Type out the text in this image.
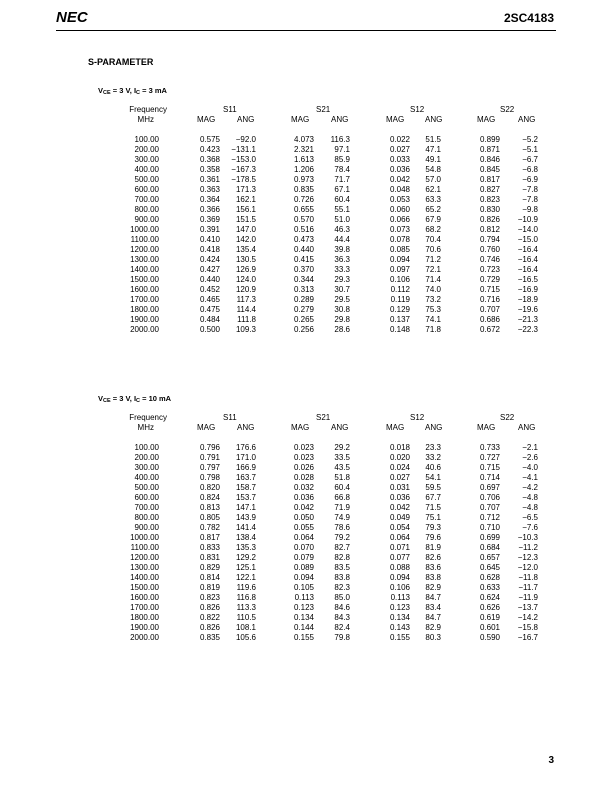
NEC	2SC4183
S-PARAMETER
$V_{CE} = 3$ V, $I_C = 3$ mA
Frequency	S11	S21	S12	S22
MHz	MAG	ANG	MAG	ANG	MAG	ANG	MAG	ANG
100.00	0.575 −92.0	4.073 116.3	0.022 51.5	0.899	−5.2
200.00	0.423 −131.1	2.321	97.1	0.027 47.1	0.871	−5.1
300.00	0.368 −153.0	1.613	85.9	0.033 49.1	0.846	−6.7
400.00	0.358 −167.3	1.206	78.4	0.036 54.8	0.845	−6.8
500.00	0.361 −178.5	0.973	71.7	0.042 57.0	0.817	−6.9
600.00	0.363 171.3	0.835	67.1	0.048 62.1	0.827	−7.8
700.00	0.364 162.1	0.726	60.4	0.053 63.3	0.823	−7.8
800.00	0.366 156.1	0.655	55.1	0.060 65.2	0.830	−9.8
900.00	0.369 151.5	0.570	51.0	0.066 67.9	0.826 −10.9
1000.00	0.391 147.0	0.516	46.3	0.073 68.2	0.812 −14.0
1100.00	0.410 142.0	0.473	44.4	0.078 70.4	0.794 −15.0
1200.00	0.418 135.4	0.440	39.8	0.085 70.6	0.760 −16.4
1300.00	0.424 130.5	0.415	36.3	0.094 71.2	0.746 −16.4
1400.00	0.427 126.9	0.370	33.3	0.097 72.1	0.723 −16.4
1500.00	0.440 124.0	0.344	29.3	0.106 71.4	0.729 −16.5
1600.00	0.452 120.9	0.313	30.7	0.112 74.0	0.715 −16.9
1700.00	0.465 117.3	0.289	29.5	0.119 73.2	0.716 −18.9
1800.00	0.475 114.4	0.279	30.8	0.129 75.3	0.707 −19.6
1900.00	0.484 111.8	0.265	29.8	0.137 74.1	0.686 −21.3
2000.00	0.500 109.3	0.256	28.6	0.148 71.8	0.672 −22.3
$V_{CE} = 3$ V, $I_C = 10$ mA
Frequency	S11	S21	S12	S22
MHz	MAG	ANG	MAG	ANG	MAG	ANG	MAG	ANG
100.00	0.796 176.6	0.023	29.2	0.018 23.3	0.733	−2.1
200.00	0.791 171.0	0.023	33.5	0.020 33.2	0.727	−2.6
300.00	0.797 166.9	0.026	43.5	0.024 40.6	0.715	−4.0
400.00	0.798 163.7	0.028	51.8	0.027 54.1	0.714	−4.1
500.00	0.820 158.7	0.032	60.4	0.031 59.5	0.697	−4.2
600.00	0.824 153.7	0.036	66.8	0.036 67.7	0.706	−4.8
700.00	0.813 147.1	0.042	71.9	0.042 71.5	0.707	−4.8
800.00	0.805 143.9	0.050	74.9	0.049 75.1	0.712	−6.5
900.00	0.782 141.4	0.055	78.6	0.054 79.3	0.710	−7.6
1000.00	0.817 138.4	0.064	79.2	0.064 79.6	0.699 −10.3
1100.00	0.833 135.3	0.070	82.7	0.071 81.9	0.684 −11.2
1200.00	0.831 129.2	0.079	82.8	0.077 82.6	0.657 −12.3
1300.00	0.829 125.1	0.089	83.5	0.088 83.6	0.645 −12.0
1400.00	0.814 122.1	0.094	83.8	0.094 83.8	0.628 −11.8
1500.00	0.819 119.6	0.105	82.3	0.106 82.9	0.633 −11.7
1600.00	0.823 116.8	0.113	85.0	0.113 84.7	0.624 −11.9
1700.00	0.826 113.3	0.123	84.6	0.123 83.4	0.626 −13.7
1800.00	0.822 110.5	0.134	84.3	0.134 84.7	0.619 −14.2
1900.00	0.826 108.1	0.144	82.4	0.143 82.9	0.601 −15.8
2000.00	0.835 105.6	0.155	79.8	0.155 80.3	0.590 −16.7
3
